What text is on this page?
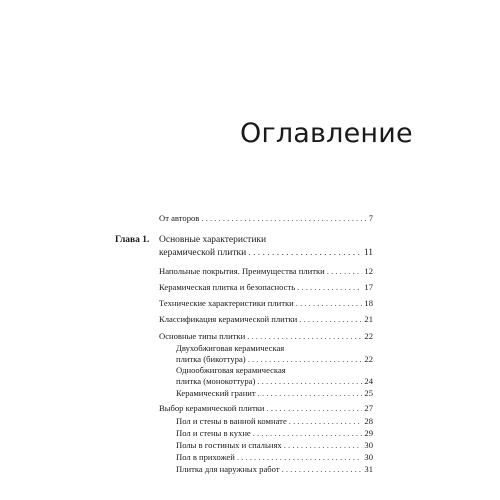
Оглавление
От авторов . . .	7
Глава 1. Основные характеристики
керамической плитки . . .	11
Напольные покрытия. Преимущества плитки . . .	12
Керамическая плитка и безопасность . . .	17
Технические характеристики плитки . . .	18
Классификация керамической плитки . . .	21
Основные типы плитки . . .	22
Двухобжиговая керамическая
плитка (бикоттура) . . .	22
Однообжиговая керамическая
плитка (монокоттура) . . .	24
Керамический гранит . . .	25
Выбор керамической плитки . . .	27
Пол и стены в ванной комнате . . .	28
Пол и стены в кухне . . .	29
Полы в гостиных и спальнях . . .	30
Пол в прихожей . . .	30
Плитка для наружных работ . . .	31
